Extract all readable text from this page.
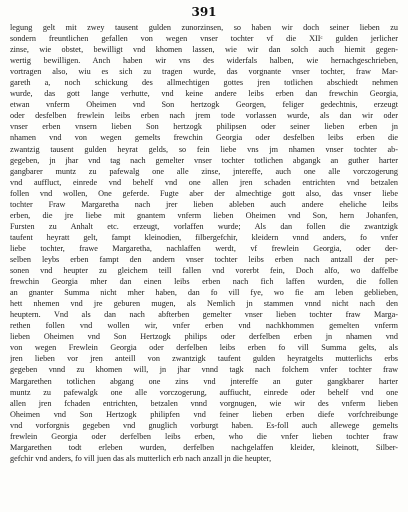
391
legung gelt mit zwey tausent gulden zunorzinsen, so haben wir doch seiner lieben zu
sondern freuntlichen gefallen von wegen vnser tochter vf die XIIᶜ gulden jerlicher
zinse, wie obstet, bewilligt vnd khomen lassen, wie wir dan solch auch hiemit gegen-
wertig bewilligen. Anch haben wir vns des widerfals halben, wie hernachgeschrieben,
vortragen also, wiu es sich zu tragen wurde, das vorgnante vnser tochter, fraw Mar-
gareth a, noch schickung des allmechtigen gottes jren totlichen abschiedt nehmen
wurde, das gott lange verhutte, vnd keine andere leibs erben dan frewchin Georgia,
etwan vnferm Oheimen vnd Son hertzogk Georgen, feliger gedechtnis, erzeugt
oder desfelben frewlein leibs erben nach jrem tode vorlassen wurde, als dan wir oder
vnser erben vnsern lieben Son hertzogk philipsen oder seiner lieben erben jn
nhamen vnd von wegen gemelts frewchin Georgia oder desfelben leibs erben die
zwantzig tausent gulden heyrat gelds, so fein liebe vns jm nhamen vnser tochter ab-
gegeben, jn jhar vnd tag nach gemelter vnser tochter totlichen abgangk an guther harter
gangbarer muntz zu pafewalg one alle zinse, jntereffe, auch one alle vorczogerung
vnd auffluct, einrede vnd behelf vnd one allen jren schaden entrichten vnd betzalen
follen vnd wollen, One geferde. Fugte aber der almechtige gott also, das vnser liebe
tochter Fraw Margaretha nach jrer lieben ableben auch andere eheliche leibs
erben, die jre liebe mit gnantem vnferm lieben Oheimen vnd Son, hern Johanfen,
Fursten zu Anhalt etc. erzeugt, vorlaffen wurde; Als dan follen die zwantzigk
taufent heyratt gelt, fampt kleinodien, filbergefchir, kleidern vnnd anders, fo vnfer
liebe tochter, frawe Margaretha, nachlaffen werdt, vf frewlein Georgia, oder der-
selben leybs erben fampt den andern vnser tochter leibs erben nach antzall der per-
sonen vnd heupter zu gleichem teill fallen vnd vorerbt fein, Doch alfo, wo daffelbe
frewchin Georgia mher dan einen leibs erben nach fich laffen wurden, die follen
an gnanter Summa nicht mher haben, dan fo vill fye, wo fie am leben geblieben,
hett nhemen vnd jre geburen mugen, als Nemlich jn stammen vnnd nicht nach den
heuptern. Vnd als dan nach abfterben gemelter vnser lieben tochter fraw Marga-
rethen follen vnd wollen wir, vnfer erben vnd nachkhommen gemelten vnferm
lieben Oheimen vnd Son Hertzogk philips oder derfelben erben jn nhamen vnd
von wegen Frewlein Georgia oder derfelben leibs erben fo vill Summa gelts, als
jren lieben vor jren anteill von zwantzigk taufent gulden heyratgelts mutterlichs erbs
gegeben vnnd zu khomen will, jn jhar vnnd tagk nach folchem vnfer tochter fraw
Margarethen totlichen abgang one zins vnd jntereffe an guter gangkbarer harter
muntz zu pafewalgk one alle vorczogerung, auffiucht, einrede oder behelf vnd one
allen jren fchaden entrichten, betzalen vnnd vorgnugen, wie wir des vnferm lieben
Oheimen vnd Son Hertzogk philipfen vnd feiner lieben erben diefe vorfchreibunge
vnd vorforgnis gegeben vnd gnuglich vorburgt haben. Es-foll auch allewege gemelts
frewlein Georgia oder derfelben leibs erben, who die vnfer lieben tochter fraw
Margarethen todt erleben wurden, derfelben nachgelaffen kleider, kleinott, Silber-
gefchir vnd anders, fo vill juen das als mutterlich erb nach anzall jn die heupter,
